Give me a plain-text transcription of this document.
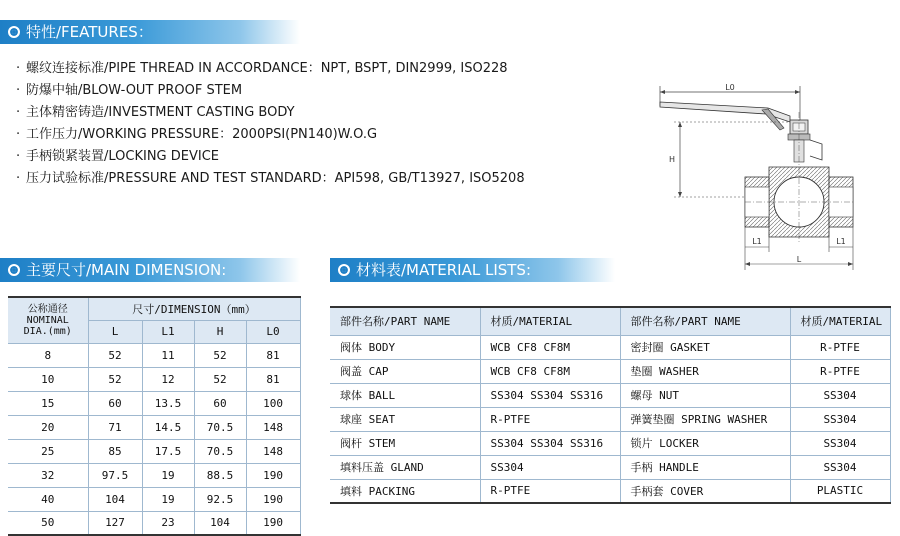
特性/FEATURES：
· 螺纹连接标准/PIPE THREAD IN ACCORDANCE：NPT, BSPT, DIN2999, ISO228
· 防爆中轴/BLOW-OUT PROOF STEM
· 主体精密铸造/INVESTMENT CASTING BODY
· 工作压力/WORKING PRESSURE：2000PSI(PN140)W.O.G
· 手柄锁紧装置/LOCKING DEVICE
· 压力试验标准/PRESSURE AND TEST STANDARD：API598, GB/T13927, ISO5208
L0
H
L1
L
L1
主要尺寸/MAIN DIMENSION:
公称通径
NOMINAL
DIA.(mm)	尺寸/DIMENSION（mm）			
	L	L1	H	L0
8	52	11	52	81
10	52	12	52	81
15	60	13.5	60	100
20	71	14.5	70.5	148
25	85	17.5	70.5	148
32	97.5	19	88.5	190
40	104	19	92.5	190
50	127	23	104	190
材料表/MATERIAL LISTS:
部件名称/PART NAME	材质/MATERIAL	部件名称/PART NAME	材质/MATERIAL
阀体 BODY	WCB CF8 CF8M	密封圈 GASKET	R-PTFE
阀盖 CAP	WCB CF8 CF8M	垫圈 WASHER	R-PTFE
球体 BALL	SS304 SS304 SS316	螺母 NUT	SS304
球座 SEAT	R-PTFE	弹簧垫圈 SPRING WASHER	SS304
阀杆 STEM	SS304 SS304 SS316	锁片 LOCKER	SS304
填料压盖 GLAND	SS304	手柄 HANDLE	SS304
填料 PACKING	R-PTFE	手柄套 COVER	PLASTIC
